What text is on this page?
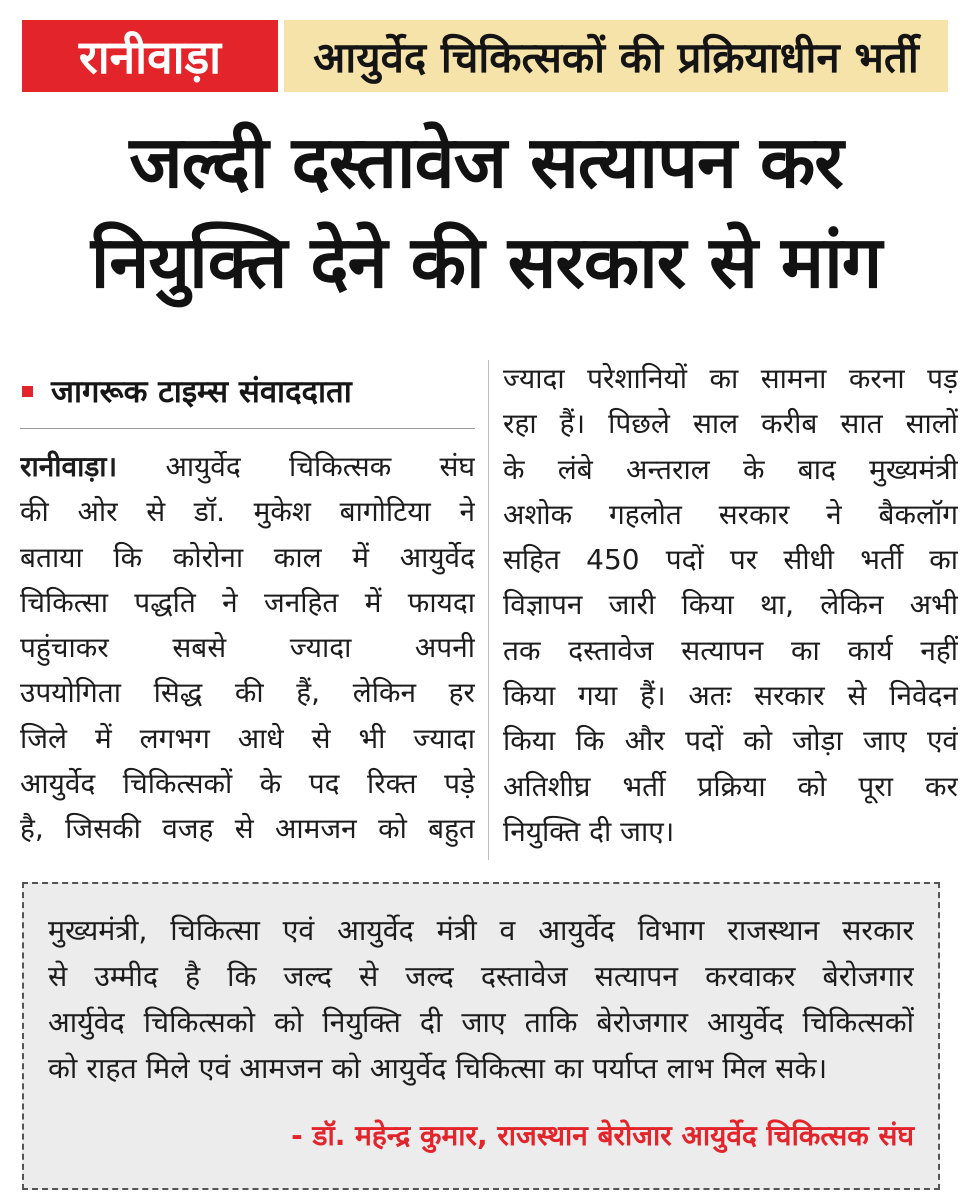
रानीवाड़ा	आयुर्वेद चिकित्सकों की प्रक्रियाधीन भर्ती
जल्दी दस्तावेज सत्यापन कर
नियुक्ति देने की सरकार से मांग
जागरूक टाइम्स संवाददाता
रानीवाड़ा। आयुर्वेद चिकित्सक संघ
की ओर से डॉ. मुकेश बागोटिया ने
बताया कि कोरोना काल में आयुर्वेद
चिकित्सा पद्धति ने जनहित में फायदा
पहुंचाकर सबसे ज्यादा अपनी
उपयोगिता सिद्ध की हैं, लेकिन हर
जिले में लगभग आधे से भी ज्यादा
आयुर्वेद चिकित्सकों के पद रिक्त पड़े
है, जिसकी वजह से आमजन को बहुत
ज्यादा परेशानियों का सामना करना पड़
रहा हैं। पिछले साल करीब सात सालों
के लंबे अन्तराल के बाद मुख्यमंत्री
अशोक गहलोत सरकार ने बैकलॉग
सहित 450 पदों पर सीधी भर्ती का
विज्ञापन जारी किया था, लेकिन अभी
तक दस्तावेज सत्यापन का कार्य नहीं
किया गया हैं। अतः सरकार से निवेदन
किया कि और पदों को जोड़ा जाए एवं
अतिशीघ्र भर्ती प्रक्रिया को पूरा कर
नियुक्ति दी जाए।
मुख्यमंत्री, चिकित्सा एवं आयुर्वेद मंत्री व आयुर्वेद विभाग राजस्थान सरकार
से उम्मीद है कि जल्द से जल्द दस्तावेज सत्यापन करवाकर बेरोजगार
आर्युवेद चिकित्सको को नियुक्ति दी जाए ताकि बेरोजगार आयुर्वेद चिकित्सकों
को राहत मिले एवं आमजन को आयुर्वेद चिकित्सा का पर्याप्त लाभ मिल सके।
- डॉ. महेन्द्र कुमार, राजस्थान बेरोजार आयुर्वेद चिकित्सक संघ
